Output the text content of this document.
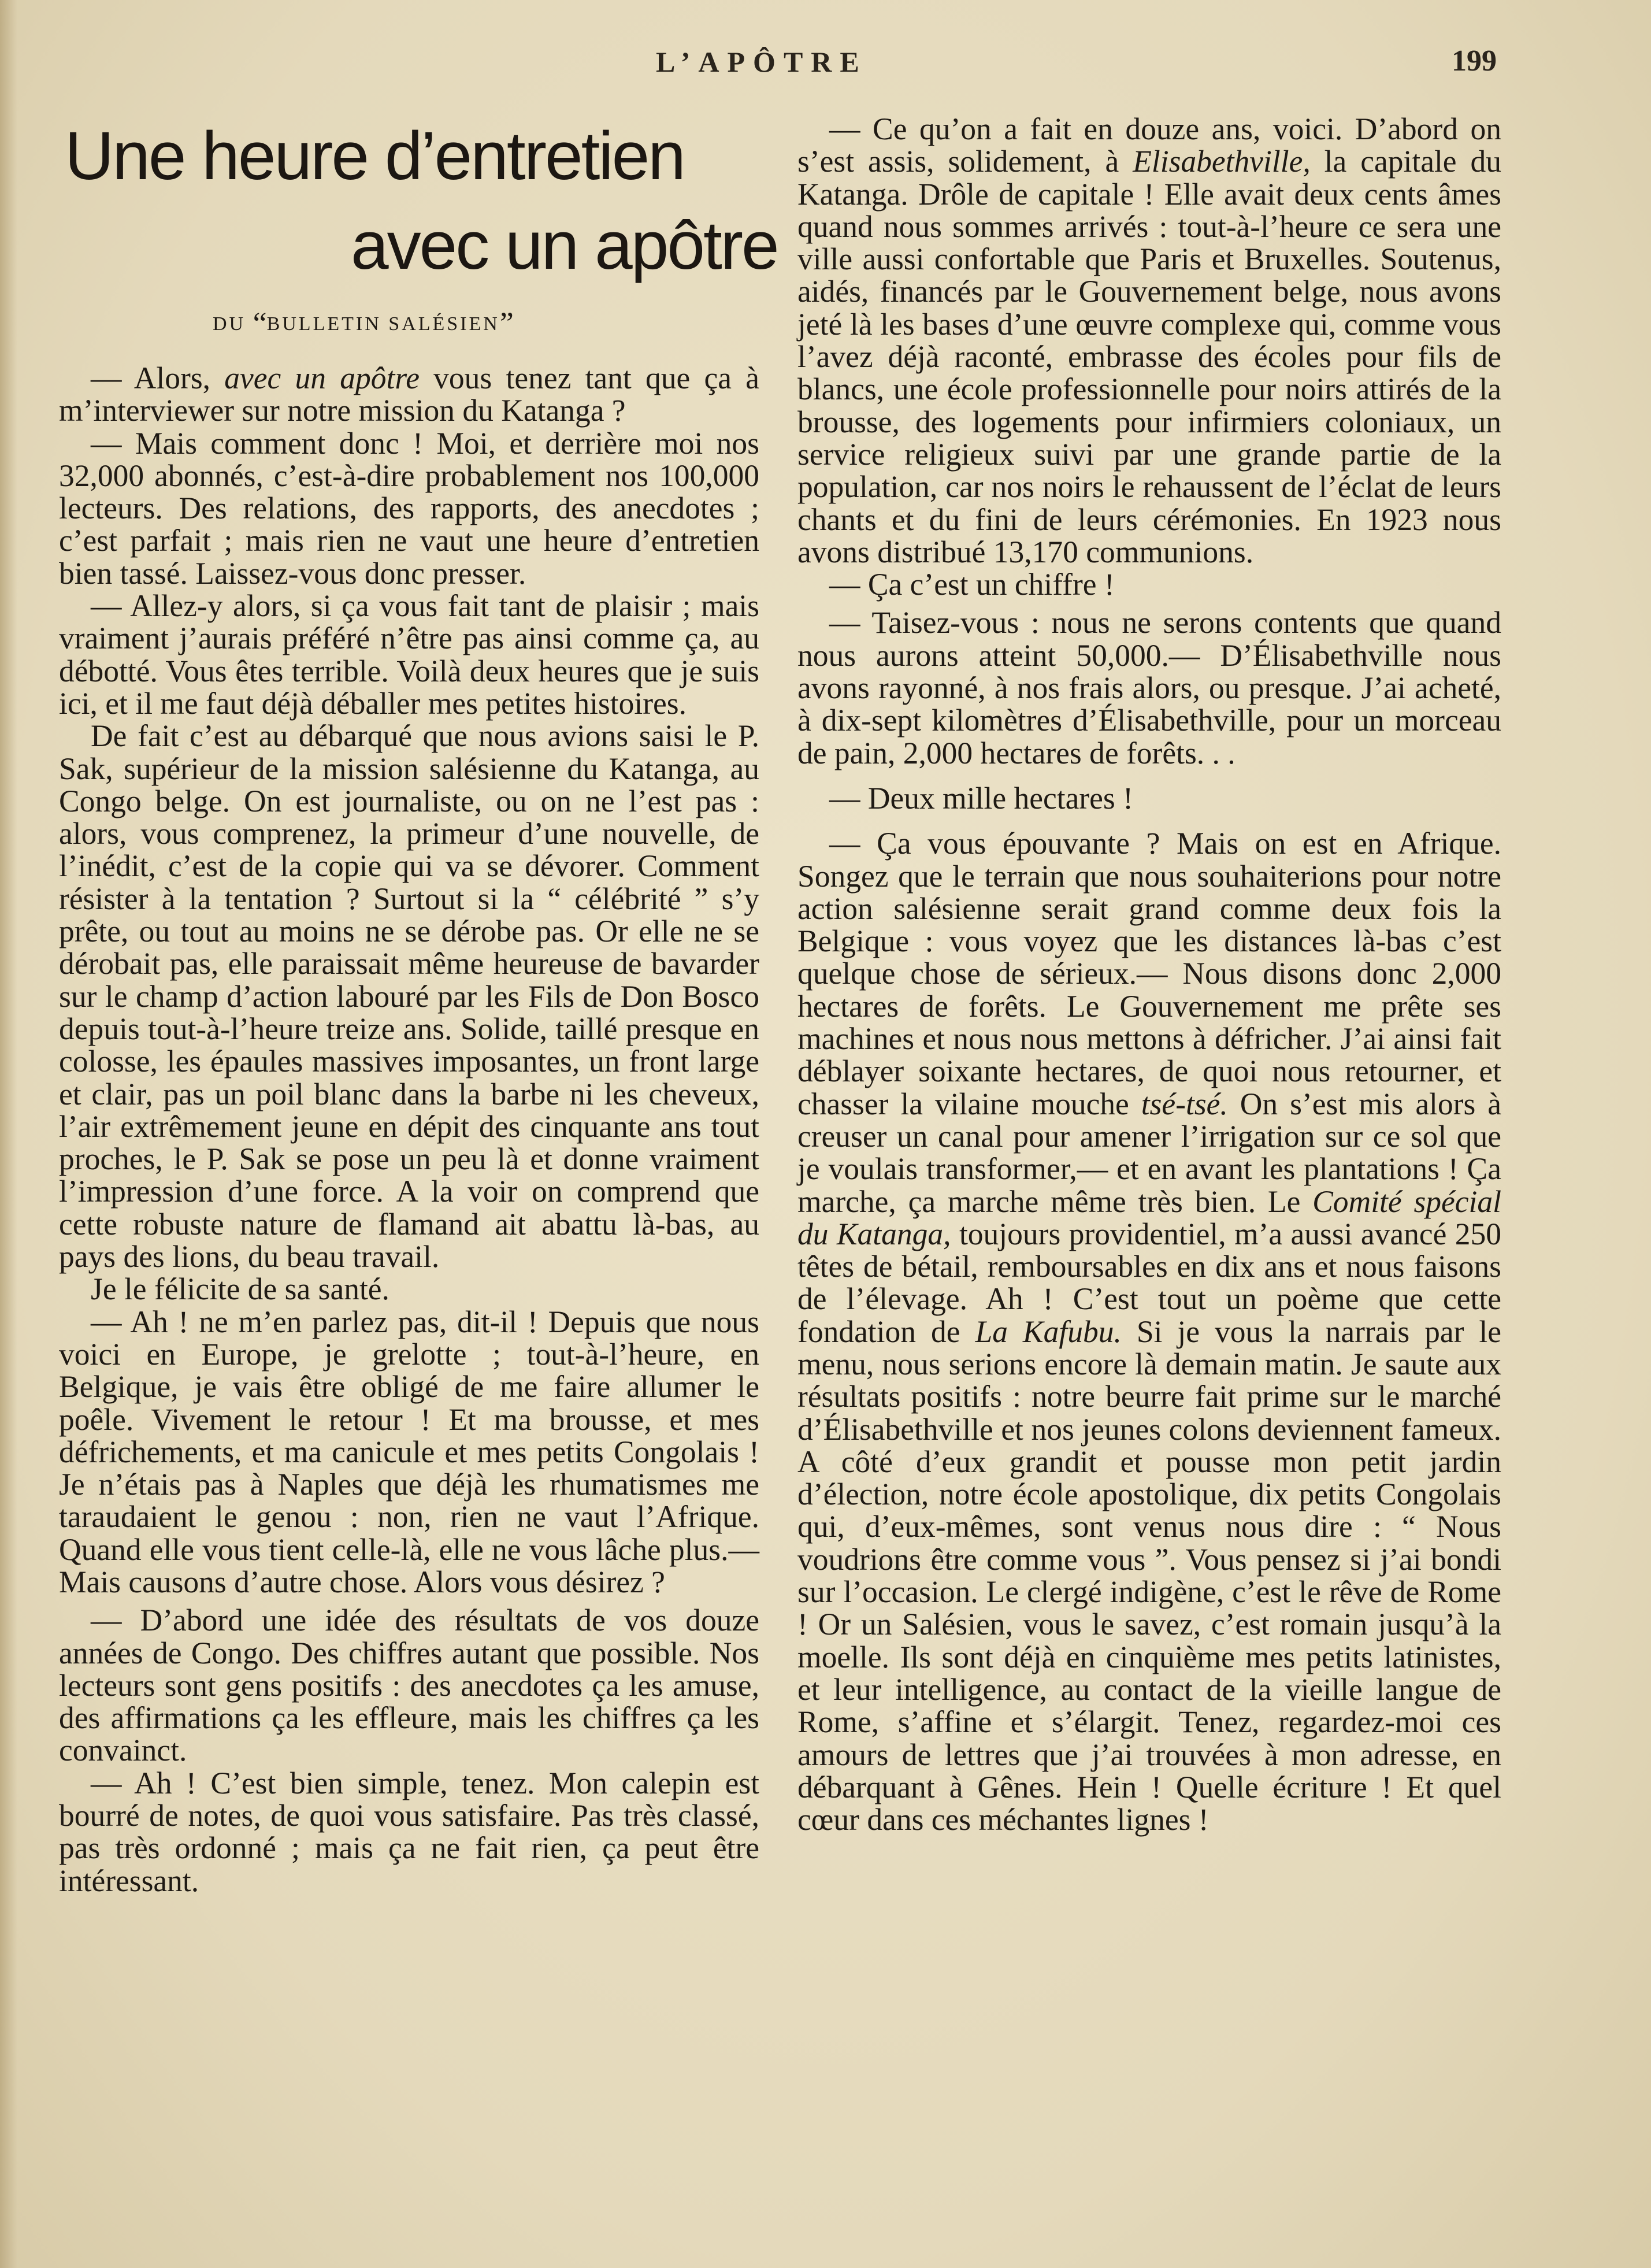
L’APÔTRE	199
Une heure d’entretien
avec un apôtre
DU “BULLETIN SALÉSIEN”

— Alors, avec un apôtre vous tenez tant que ça à m’interviewer sur notre mission du Katanga ?

— Mais comment donc ! Moi, et derrière moi nos 32,000 abonnés, c’est-à-dire probablement nos 100,000 lecteurs. Des relations, des rapports, des anecdotes ; c’est parfait ; mais rien ne vaut une heure d’entretien bien tassé. Laissez-vous donc presser.

— Allez-y alors, si ça vous fait tant de plaisir ; mais vraiment j’aurais préféré n’être pas ainsi comme ça, au débotté. Vous êtes terrible. Voilà deux heures que je suis ici, et il me faut déjà déballer mes petites histoires.

De fait c’est au débarqué que nous avions saisi le P. Sak, supérieur de la mission salésienne du Katanga, au Congo belge. On est journaliste, ou on ne l’est pas : alors, vous comprenez, la primeur d’une nouvelle, de l’inédit, c’est de la copie qui va se dévorer. Comment résister à la tentation ? Surtout si la “ célébrité ” s’y prête, ou tout au moins ne se dérobe pas. Or elle ne se dérobait pas, elle paraissait même heureuse de bavarder sur le champ d’action labouré par les Fils de Don Bosco depuis tout-à-l’heure treize ans. Solide, taillé presque en colosse, les épaules massives imposantes, un front large et clair, pas un poil blanc dans la barbe ni les cheveux, l’air extrêmement jeune en dépit des cinquante ans tout proches, le P. Sak se pose un peu là et donne vraiment l’impression d’une force. A la voir on comprend que cette robuste nature de flamand ait abattu là-bas, au pays des lions, du beau travail.

Je le félicite de sa santé.

— Ah ! ne m’en parlez pas, dit-il ! Depuis que nous voici en Europe, je grelotte ; tout-à-l’heure, en Belgique, je vais être obligé de me faire allumer le poêle. Vivement le retour ! Et ma brousse, et mes défrichements, et ma canicule et mes petits Congolais ! Je n’étais pas à Naples que déjà les rhumatismes me taraudaient le genou : non, rien ne vaut l’Afrique. Quand elle vous tient celle-là, elle ne vous lâche plus.— Mais causons d’autre chose. Alors vous désirez ?

— D’abord une idée des résultats de vos douze années de Congo. Des chiffres autant que possible. Nos lecteurs sont gens positifs : des anecdotes ça les amuse, des affirmations ça les effleure, mais les chiffres ça les convainct.

— Ah ! C’est bien simple, tenez. Mon calepin est bourré de notes, de quoi vous satisfaire. Pas très classé, pas très ordonné ; mais ça ne fait rien, ça peut être intéressant.

— Ce qu’on a fait en douze ans, voici. D’abord on s’est assis, solidement, à Elisabethville, la capitale du Katanga. Drôle de capitale ! Elle avait deux cents âmes quand nous sommes arrivés : tout-à-l’heure ce sera une ville aussi confortable que Paris et Bruxelles. Soutenus, aidés, financés par le Gouvernement belge, nous avons jeté là les bases d’une œuvre complexe qui, comme vous l’avez déjà raconté, embrasse des écoles pour fils de blancs, une école professionnelle pour noirs attirés de la brousse, des logements pour infirmiers coloniaux, un service religieux suivi par une grande partie de la population, car nos noirs le rehaussent de l’éclat de leurs chants et du fini de leurs cérémonies. En 1923 nous avons distribué 13,170 communions.

— Ça c’est un chiffre !

— Taisez-vous : nous ne serons contents que quand nous aurons atteint 50,000.— D’Élisabethville nous avons rayonné, à nos frais alors, ou presque. J’ai acheté, à dix-sept kilomètres d’Élisabethville, pour un morceau de pain, 2,000 hectares de forêts. . .

— Deux mille hectares !

— Ça vous épouvante ? Mais on est en Afrique. Songez que le terrain que nous souhaiterions pour notre action salésienne serait grand comme deux fois la Belgique : vous voyez que les distances là-bas c’est quelque chose de sérieux.— Nous disons donc 2,000 hectares de forêts. Le Gouvernement me prête ses machines et nous nous mettons à défricher. J’ai ainsi fait déblayer soixante hectares, de quoi nous retourner, et chasser la vilaine mouche tsé-tsé. On s’est mis alors à creuser un canal pour amener l’irrigation sur ce sol que je voulais transformer,— et en avant les plantations ! Ça marche, ça marche même très bien. Le Comité spécial du Katanga, toujours providentiel, m’a aussi avancé 250 têtes de bétail, remboursables en dix ans et nous faisons de l’élevage. Ah ! C’est tout un poème que cette fondation de La Kafubu. Si je vous la narrais par le menu, nous serions encore là demain matin. Je saute aux résultats positifs : notre beurre fait prime sur le marché d’Élisabethville et nos jeunes colons deviennent fameux. A côté d’eux grandit et pousse mon petit jardin d’élection, notre école apostolique, dix petits Congolais qui, d’eux-mêmes, sont venus nous dire : “ Nous voudrions être comme vous ”. Vous pensez si j’ai bondi sur l’occasion. Le clergé indigène, c’est le rêve de Rome ! Or un Salésien, vous le savez, c’est romain jusqu’à la moelle. Ils sont déjà en cinquième mes petits latinistes, et leur intelligence, au contact de la vieille langue de Rome, s’affine et s’élargit. Tenez, regardez-moi ces amours de lettres que j’ai trouvées à mon adresse, en débarquant à Gênes. Hein ! Quelle écriture ! Et quel cœur dans ces méchantes lignes !
